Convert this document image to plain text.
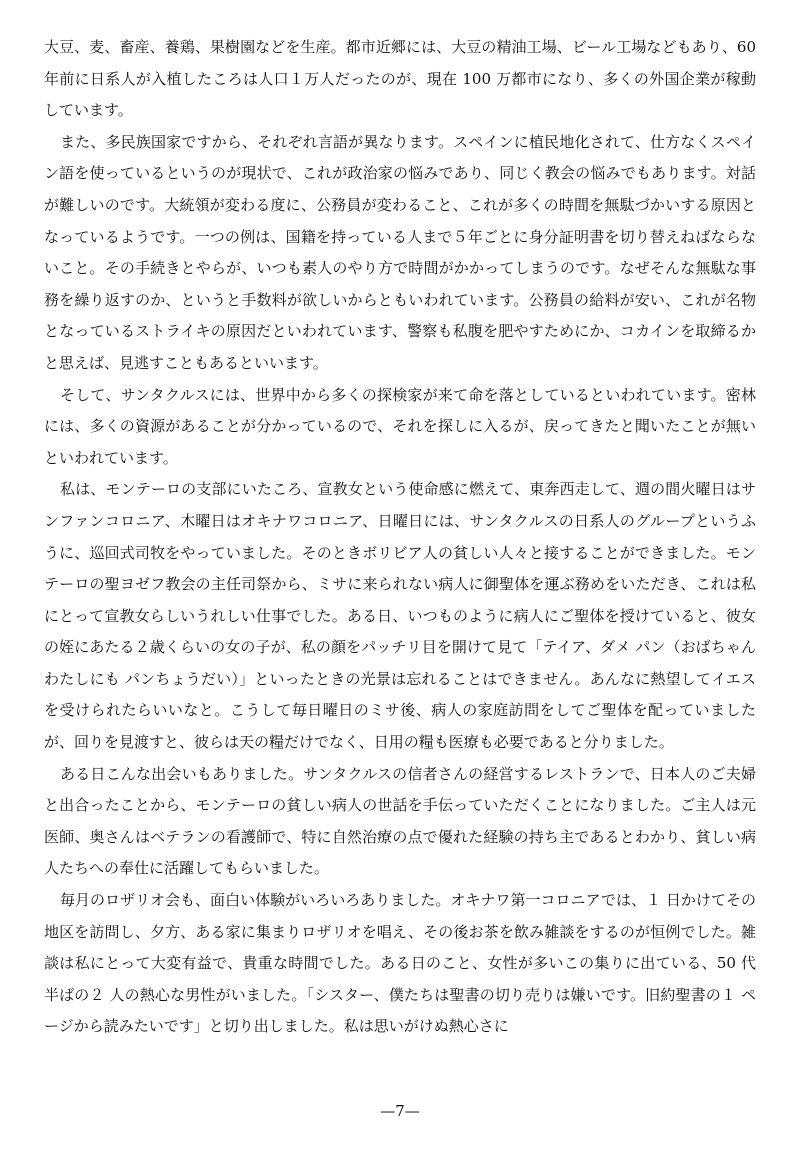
大豆、麦、畜産、養鶏、果樹園などを生産。都市近郷には、大豆の精油工場、ビール工場などもあり、60 年前に日系人が入植したころは人口１万人だったのが、現在 100 万都市になり、多くの外国企業が稼動しています。

また、多民族国家ですから、それぞれ言語が異なります。スペインに植民地化されて、仕方なくスペイン語を使っているというのが現状で、これが政治家の悩みであり、同じく教会の悩みでもあります。対話が難しいのです。大統領が変わる度に、公務員が変わること、これが多くの時間を無駄づかいする原因となっているようです。一つの例は、国籍を持っている人まで５年ごとに身分証明書を切り替えねばならないこと。その手続きとやらが、いつも素人のやり方で時間がかかってしまうのです。なぜそんな無駄な事務を繰り返すのか、というと手数料が欲しいからともいわれています。公務員の給料が安い、これが名物となっているストライキの原因だといわれています、警察も私腹を肥やすためにか、コカインを取締るかと思えば、見逃すこともあるといいます。

そして、サンタクルスには、世界中から多くの探検家が来て命を落としているといわれています。密林には、多くの資源があることが分かっているので、それを探しに入るが、戻ってきたと聞いたことが無いといわれています。

私は、モンテーロの支部にいたころ、宣教女という使命感に燃えて、東奔西走して、週の間火曜日はサンファンコロニア、木曜日はオキナワコロニア、日曜日には、サンタクルスの日系人のグループというふうに、巡回式司牧をやっていました。そのときボリビア人の貧しい人々と接することができました。モンテーロの聖ヨゼフ教会の主任司祭から、ミサに来られない病人に御聖体を運ぶ務めをいただき、これは私にとって宣教女らしいうれしい仕事でした。ある日、いつものように病人にご聖体を授けていると、彼女の姪にあたる２歳くらいの女の子が、私の顔をパッチリ目を開けて見て「テイア、ダメ パン（おばちゃん わたしにも パンちょうだい）」といったときの光景は忘れることはできません。あんなに熱望してイエスを受けられたらいいなと。こうして毎日曜日のミサ後、病人の家庭訪問をしてご聖体を配っていましたが、回りを見渡すと、彼らは天の糧だけでなく、日用の糧も医療も必要であると分りました。

ある日こんな出会いもありました。サンタクルスの信者さんの経営するレストランで、日本人のご夫婦と出合ったことから、モンテーロの貧しい病人の世話を手伝っていただくことになりました。ご主人は元医師、奥さんはベテランの看護師で、特に自然治療の点で優れた経験の持ち主であるとわかり、貧しい病人たちへの奉仕に活躍してもらいました。

毎月のロザリオ会も、面白い体験がいろいろありました。オキナワ第一コロニアでは、１ 日かけてその地区を訪問し、夕方、ある家に集まりロザリオを唱え、その後お茶を飲み雑談をするのが恒例でした。雑談は私にとって大変有益で、貴重な時間でした。ある日のこと、女性が多いこの集りに出ている、50 代半ばの２ 人の熱心な男性がいました。「シスター、僕たちは聖書の切り売りは嫌いです。旧約聖書の１ ページから読みたいです」と切り出しました。私は思いがけぬ熱心さに

—7—
